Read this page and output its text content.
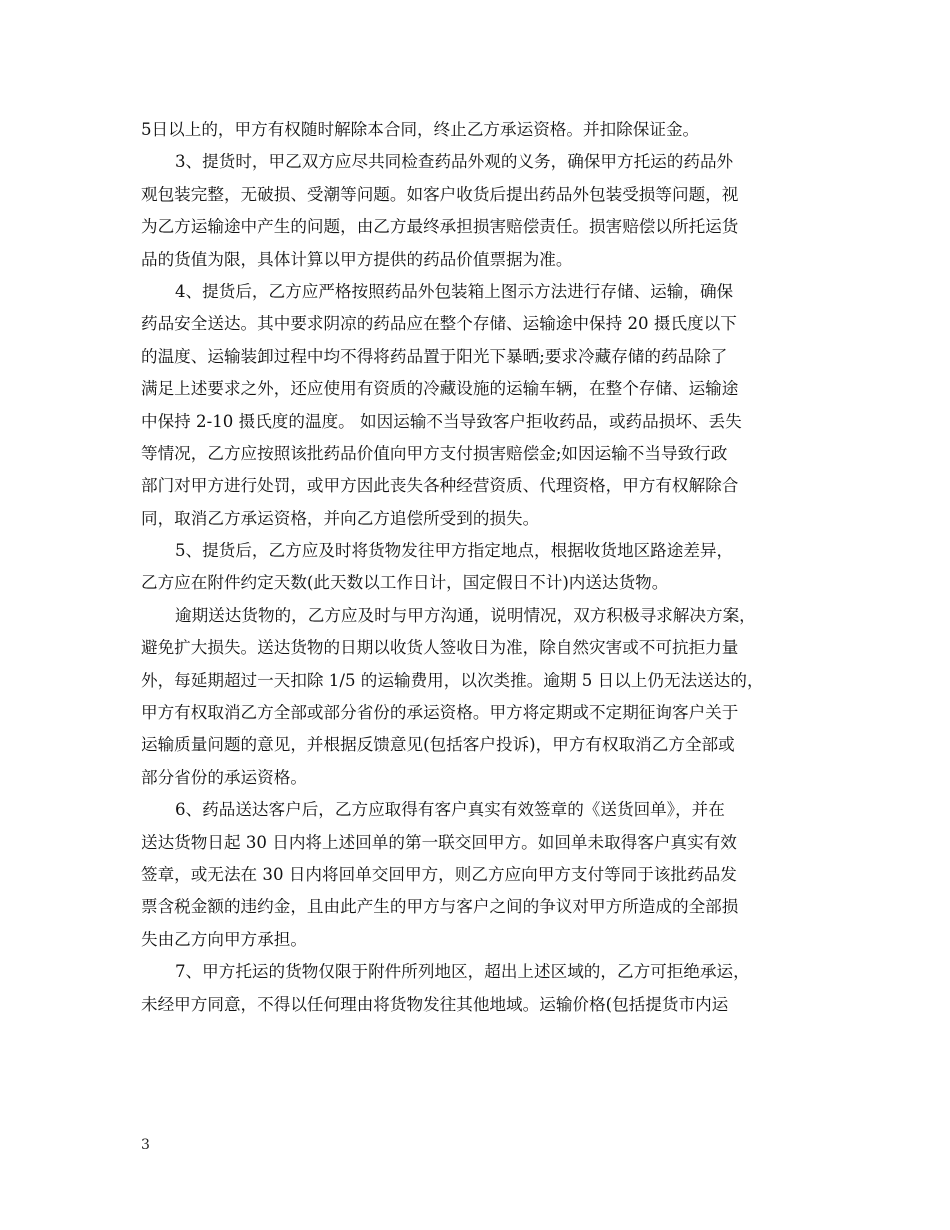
5日以上的，甲方有权随时解除本合同，终止乙方承运资格。并扣除保证金。
3、提货时，甲乙双方应尽共同检查药品外观的义务，确保甲方托运的药品外
观包装完整，无破损、受潮等问题。如客户收货后提出药品外包装受损等问题，视
为乙方运输途中产生的问题，由乙方最终承担损害赔偿责任。损害赔偿以所托运货
品的货值为限，具体计算以甲方提供的药品价值票据为准。
4、提货后，乙方应严格按照药品外包装箱上图示方法进行存储、运输，确保
药品安全送达。其中要求阴凉的药品应在整个存储、运输途中保持 20 摄氏度以下
的温度、运输装卸过程中均不得将药品置于阳光下暴晒;要求冷藏存储的药品除了
满足上述要求之外，还应使用有资质的冷藏设施的运输车辆，在整个存储、运输途
中保持 2-10 摄氏度的温度。 如因运输不当导致客户拒收药品，或药品损坏、丢失
等情况，乙方应按照该批药品价值向甲方支付损害赔偿金;如因运输不当导致行政
部门对甲方进行处罚，或甲方因此丧失各种经营资质、代理资格，甲方有权解除合
同，取消乙方承运资格，并向乙方追偿所受到的损失。
5、提货后，乙方应及时将货物发往甲方指定地点，根据收货地区路途差异，
乙方应在附件约定天数(此天数以工作日计，国定假日不计)内送达货物。
逾期送达货物的，乙方应及时与甲方沟通，说明情况，双方积极寻求解决方案，
避免扩大损失。送达货物的日期以收货人签收日为准，除自然灾害或不可抗拒力量
外，每延期超过一天扣除 1/5 的运输费用，以次类推。逾期 5 日以上仍无法送达的，
甲方有权取消乙方全部或部分省份的承运资格。甲方将定期或不定期征询客户关于
运输质量问题的意见，并根据反馈意见(包括客户投诉)，甲方有权取消乙方全部或
部分省份的承运资格。
6、药品送达客户后，乙方应取得有客户真实有效签章的《送货回单》，并在
送达货物日起 30 日内将上述回单的第一联交回甲方。如回单未取得客户真实有效
签章，或无法在 30 日内将回单交回甲方，则乙方应向甲方支付等同于该批药品发
票含税金额的违约金，且由此产生的甲方与客户之间的争议对甲方所造成的全部损
失由乙方向甲方承担。
7、甲方托运的货物仅限于附件所列地区，超出上述区域的，乙方可拒绝承运，
未经甲方同意，不得以任何理由将货物发往其他地域。运输价格(包括提货市内运
3
